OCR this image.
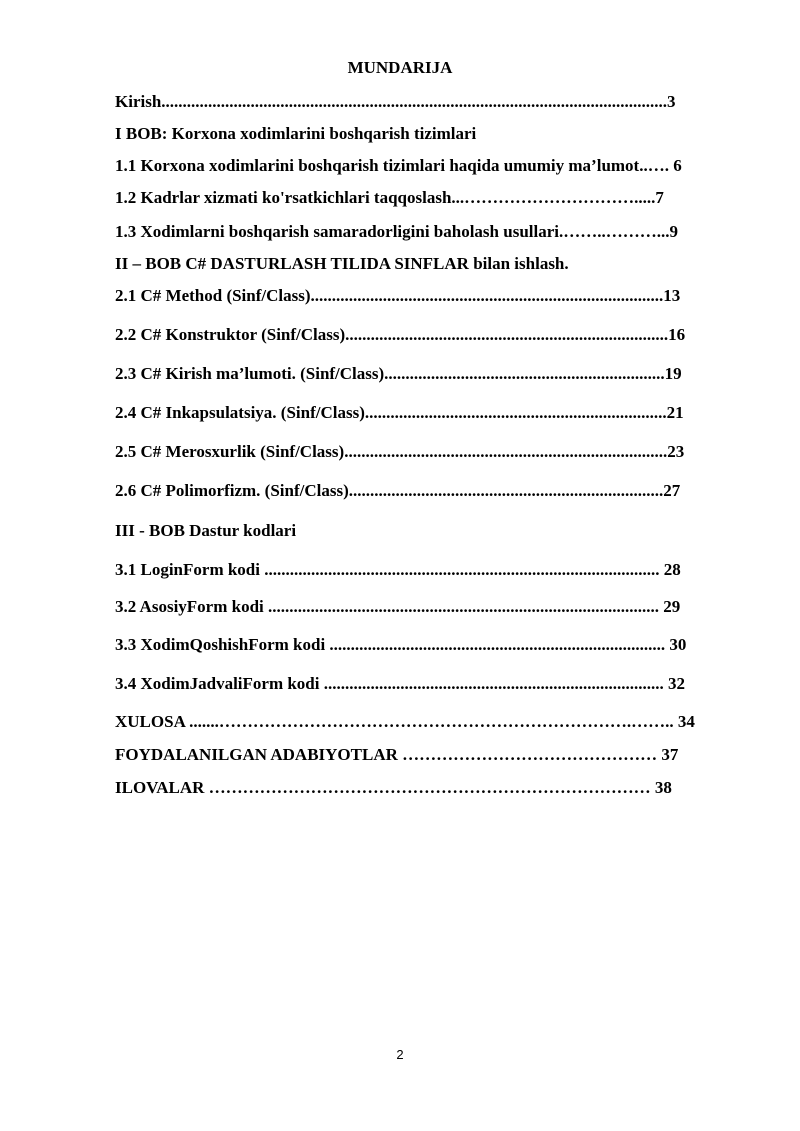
MUNDARIJA
Kirish.......................................................................................................................3
I BOB: Korxona xodimlarini boshqarish tizimlari
1.1 Korxona xodimlarini boshqarish tizimlari haqida umumiy ma’lumot..…. 6
1.2 Kadrlar xizmati ko'rsatkichlari taqqoslash...………………………….....7
1.3 Xodimlarni boshqarish samaradorligini baholash usullari.……..………...9
II – BOB C# DASTURLASH TILIDA SINFLAR bilan ishlash.
2.1 C# Method (Sinf/Class)...................................................................................13
2.2 C# Konstruktor (Sinf/Class)............................................................................16
2.3 C# Kirish ma’lumoti. (Sinf/Class)..................................................................19
2.4 C# Inkapsulatsiya. (Sinf/Class).......................................................................21
2.5 C# Merosxurlik (Sinf/Class)............................................................................23
2.6 C# Polimorfizm. (Sinf/Class)..........................................................................27
III - BOB Dastur kodlari
3.1 LoginForm kodi ............................................................................................. 28
3.2 AsosiyForm kodi ............................................................................................ 29
3.3 XodimQoshishForm kodi ............................................................................... 30
3.4 XodimJadvaliForm kodi ................................................................................ 32
XULOSA .......……………………………………………………………….…….. 34
FOYDALANILGAN ADABIYOTLAR ……………………………………… 37
ILOVALAR …………………………………………………………………… 38
2
